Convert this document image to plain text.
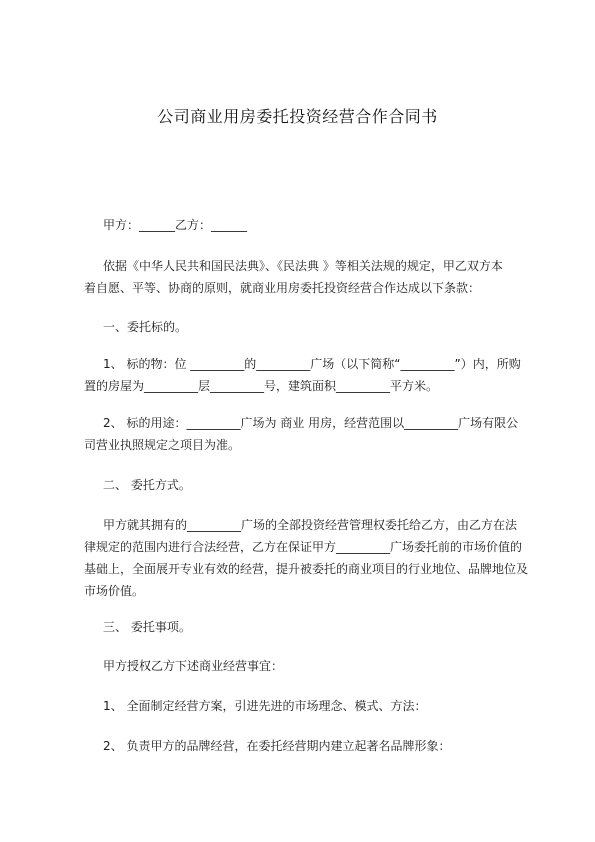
公司商业用房委托投资经营合作合同书

甲方：______乙方：______

依据《中华人民共和国民法典》、《民法典 》等相关法规的规定，甲乙双方本
着自愿、平等、协商的原则，就商业用房委托投资经营合作达成以下条款：

一、委托标的。

1、 标的物：位 _________的_________广场（以下简称“_________”）内，所购
置的房屋为_________层_________号，建筑面积_________平方米。
2、 标的用途：_________广场为 商业 用房，经营范围以_________广场有限公
司营业执照规定之项目为准。

二、 委托方式。

甲方就其拥有的_________广场的全部投资经营管理权委托给乙方，由乙方在法
律规定的范围内进行合法经营，乙方在保证甲方_________广场委托前的市场价值的
基础上，全面展开专业有效的经营，提升被委托的商业项目的行业地位、品牌地位及
市场价值。

三、 委托事项。

甲方授权乙方下述商业经营事宜：

1、 全面制定经营方案，引进先进的市场理念、模式、方法：

2、 负责甲方的品牌经营，在委托经营期内建立起著名品牌形象：
